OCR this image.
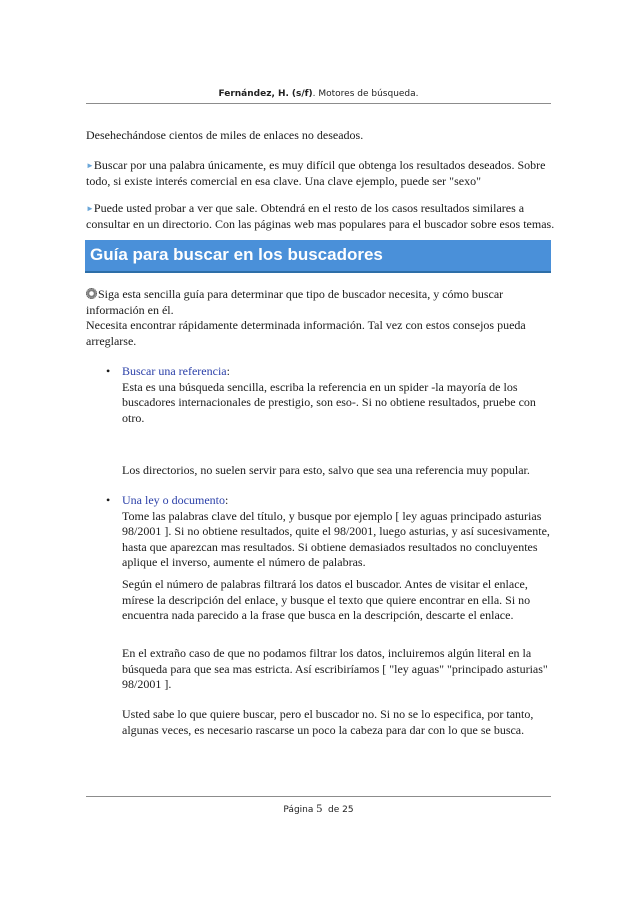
Fernández, H. (s/f). Motores de búsqueda.

Desehechándose cientos de miles de enlaces no deseados.

►Buscar por una palabra únicamente, es muy difícil que obtenga los resultados deseados. Sobre todo, si existe interés comercial en esa clave. Una clave ejemplo, puede ser "sexo"

►Puede usted probar a ver que sale. Obtendrá en el resto de los casos resultados similares a consultar en un directorio. Con las páginas web mas populares para el buscador sobre esos temas.

Guía para buscar en los buscadores

Siga esta sencilla guía para determinar que tipo de buscador necesita, y cómo buscar información en él.
Necesita encontrar rápidamente determinada información. Tal vez con estos consejos pueda arreglarse.

• Buscar una referencia:
Esta es una búsqueda sencilla, escriba la referencia en un spider -la mayoría de los buscadores internacionales de prestigio, son eso-. Si no obtiene resultados, pruebe con otro.

Los directorios, no suelen servir para esto, salvo que sea una referencia muy popular.

• Una ley o documento:
Tome las palabras clave del título, y busque por ejemplo [ ley aguas principado asturias 98/2001 ]. Si no obtiene resultados, quite el 98/2001, luego asturias, y así sucesivamente, hasta que aparezcan mas resultados. Si obtiene demasiados resultados no concluyentes aplique el inverso, aumente el número de palabras.

Según el número de palabras filtrará los datos el buscador. Antes de visitar el enlace, mírese la descripción del enlace, y busque el texto que quiere encontrar en ella. Si no encuentra nada parecido a la frase que busca en la descripción, descarte el enlace.

En el extraño caso de que no podamos filtrar los datos, incluiremos algún literal en la búsqueda para que sea mas estricta. Así escribiríamos [ "ley aguas" "principado asturias" 98/2001 ].

Usted sabe lo que quiere buscar, pero el buscador no. Si no se lo especifica, por tanto, algunas veces, es necesario rascarse un poco la cabeza para dar con lo que se busca.

Página 5 de 25
